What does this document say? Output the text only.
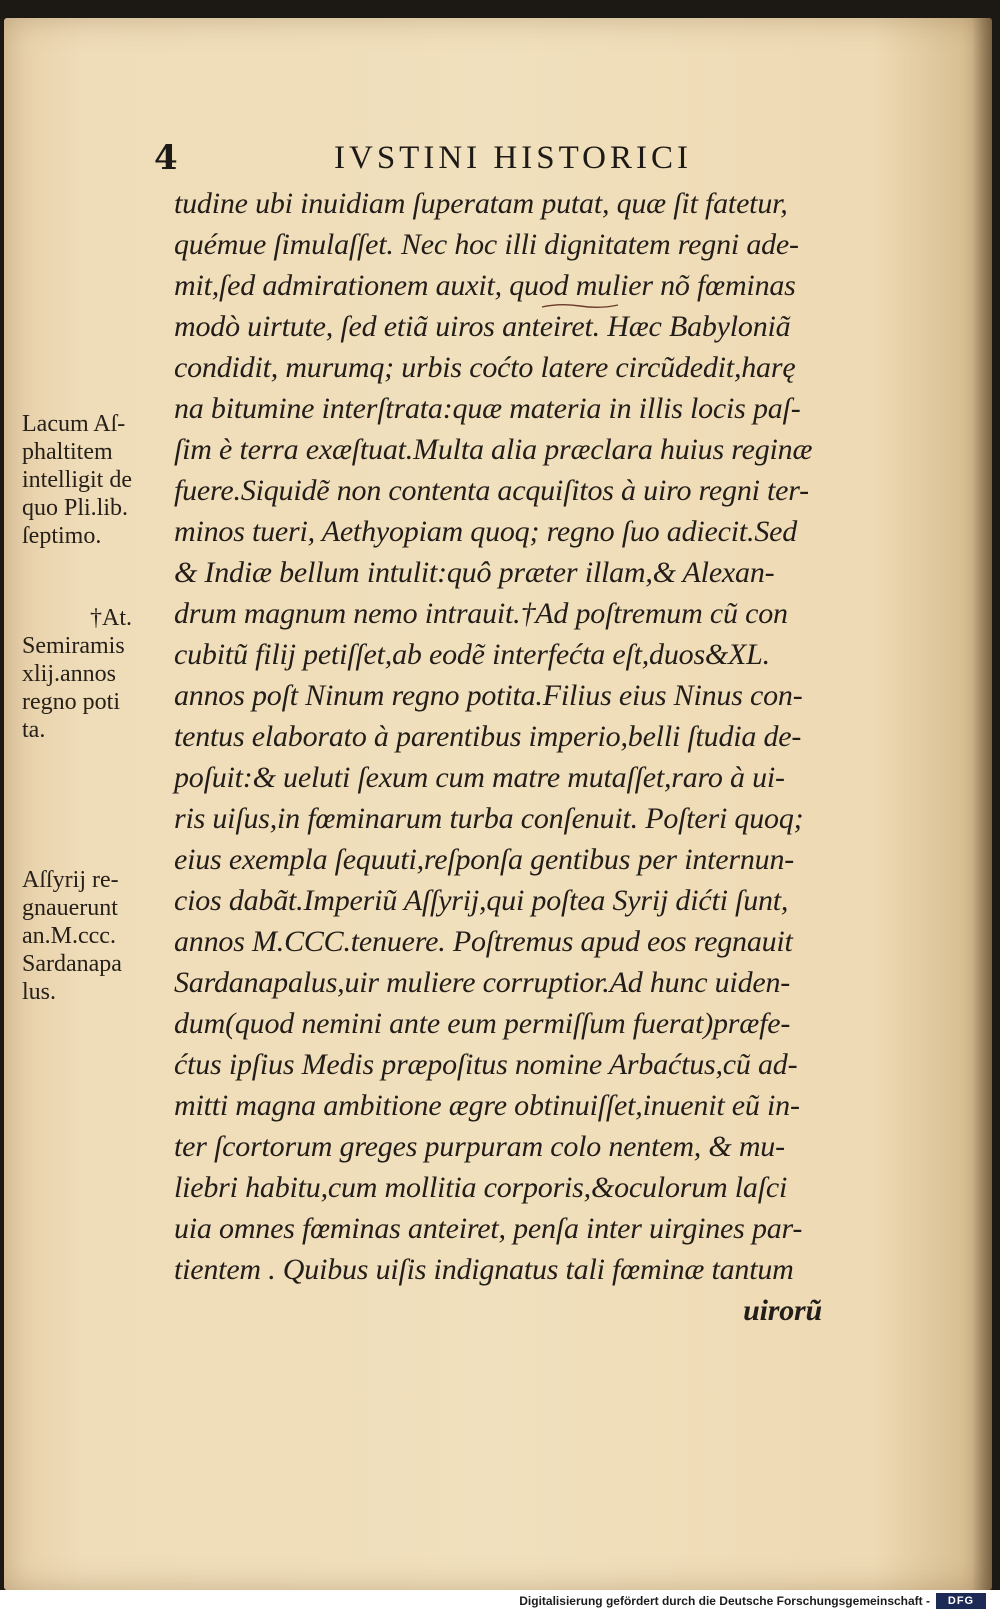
4	IVSTINI HISTORICI
tudine ubi inuidiam ſuperatam putat, quæ ſit fatetur,
quémue ſimulaſſet. Nec hoc illi dignitatem regni ade-
mit,ſed admirationem auxit, quod mulier nõ fœminas
modò uirtute, ſed etiã uiros anteiret. Hæc Babyloniã
condidit, murumq; urbis coćto latere circũdedit,harę
na bitumine interſtrata:quæ materia in illis locis paſ-
ſim è terra exæſtuat.Multa alia præclara huius reginæ
fuere.Siquidẽ non contenta acquiſitos à uiro regni ter-
minos tueri, Aethyopiam quoq; regno ſuo adiecit.Sed
& Indiæ bellum intulit:quô præter illam,& Alexan-
drum magnum nemo intrauit.†Ad poſtremum cũ con
cubitũ filij petiſſet,ab eodẽ interfećta eſt,duos&XL.
annos poſt Ninum regno potita.Filius eius Ninus con-
tentus elaborato à parentibus imperio,belli ſtudia de-
poſuit:& ueluti ſexum cum matre mutaſſet,raro à ui-
ris uiſus,in fœminarum turba conſenuit. Poſteri quoq;
eius exempla ſequuti,reſponſa gentibus per internun-
cios dabãt.Imperiũ Aſſyrij,qui poſtea Syrij dićti ſunt,
annos M.CCC.tenuere. Poſtremus apud eos regnauit
Sardanapalus,uir muliere corruptior.Ad hunc uiden-
dum(quod nemini ante eum permiſſum fuerat)præfe-
ćtus ipſius Medis præpoſitus nomine Arbaćtus,cũ ad-
mitti magna ambitione ægre obtinuiſſet,inuenit eũ in-
ter ſcortorum greges purpuram colo nentem, & mu-
liebri habitu,cum mollitia corporis,&oculorum laſci
uia omnes fœminas anteiret, penſa inter uirgines par-
tientem . Quibus uiſis indignatus tali fœminæ tantum
uirorũ
Lacum Aſ-
phaltitem
intelligit de
quo Pli.lib.
ſeptimo.
†At.
Semiramis
xlij.annos
regno poti
ta.
Aſſyrij re-
gnauerunt
an.M.ccc.
Sardanapa
lus.
Digitalisierung gefördert durch die Deutsche Forschungsgemeinschaft -	DFG
